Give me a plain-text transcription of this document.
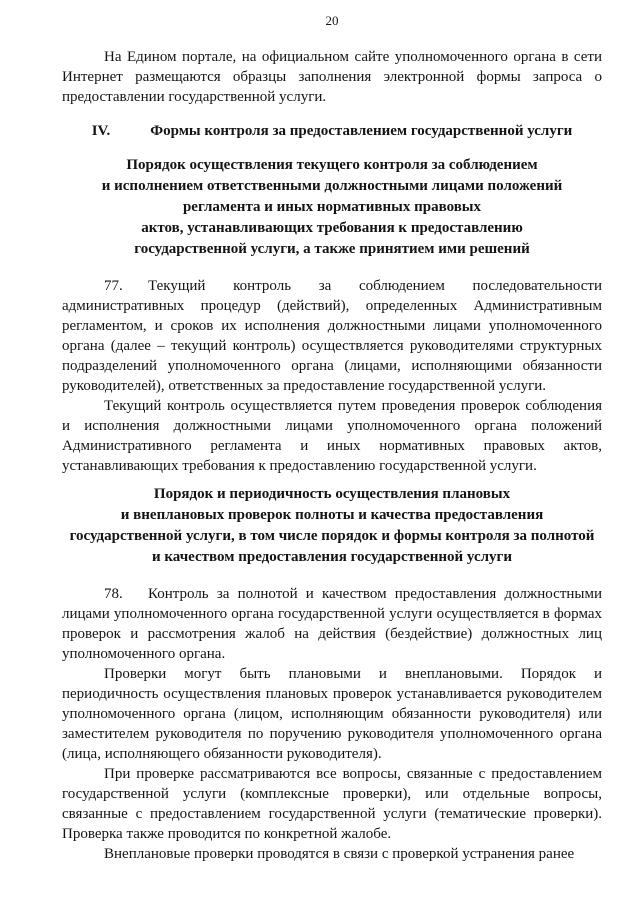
20

На Едином портале, на официальном сайте уполномоченного органа в сети Интернет размещаются образцы заполнения электронной формы запроса о предоставлении государственной услуги.

IV.	Формы контроля за предоставлением государственной услуги
Порядок осуществления текущего контроля за соблюдением
и исполнением ответственными должностными лицами положений
регламента и иных нормативных правовых
актов, устанавливающих требования к предоставлению
государственной услуги, а также принятием ими решений

77. Текущий контроль за соблюдением последовательности административных процедур (действий), определенных Административным регламентом, и сроков их исполнения должностными лицами уполномоченного органа (далее – текущий контроль) осуществляется руководителями структурных подразделений уполномоченного органа (лицами, исполняющими обязанности руководителей), ответственных за предоставление государственной услуги.

Текущий контроль осуществляется путем проведения проверок соблюдения и исполнения должностными лицами уполномоченного органа положений Административного регламента и иных нормативных правовых актов, устанавливающих требования к предоставлению государственной услуги.

Порядок и периодичность осуществления плановых
и внеплановых проверок полноты и качества предоставления
государственной услуги, в том числе порядок и формы контроля за полнотой
и качеством предоставления государственной услуги

78. Контроль за полнотой и качеством предоставления должностными лицами уполномоченного органа государственной услуги осуществляется в формах проверок и рассмотрения жалоб на действия (бездействие) должностных лиц уполномоченного органа.

Проверки могут быть плановыми и внеплановыми. Порядок и периодичность осуществления плановых проверок устанавливается руководителем уполномоченного органа (лицом, исполняющим обязанности руководителя) или заместителем руководителя по поручению руководителя уполномоченного органа (лица, исполняющего обязанности руководителя).

При проверке рассматриваются все вопросы, связанные с предоставлением государственной услуги (комплексные проверки), или отдельные вопросы, связанные с предоставлением государственной услуги (тематические проверки). Проверка также проводится по конкретной жалобе.

Внеплановые проверки проводятся в связи с проверкой устранения ранее
